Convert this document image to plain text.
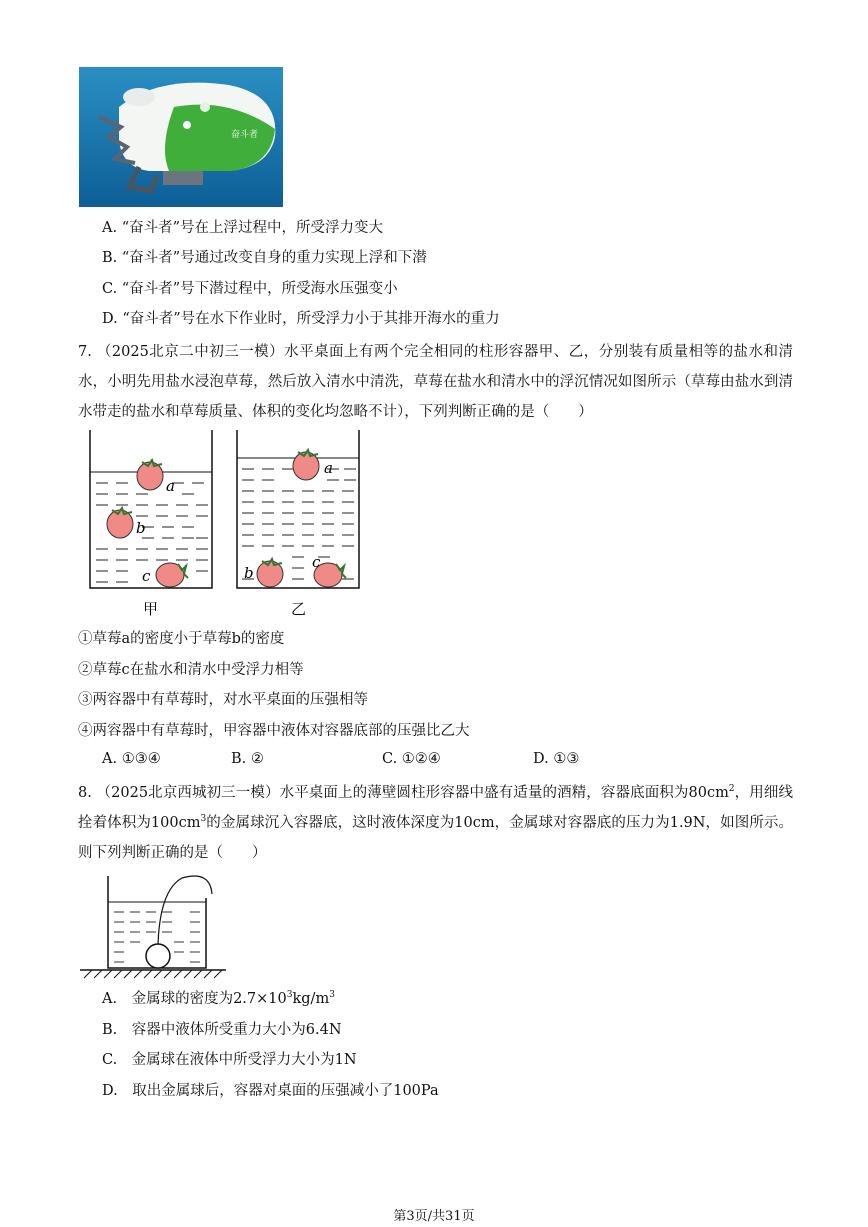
奋斗者
A. “奋斗者”号在上浮过程中，所受浮力变大
B. “奋斗者”号通过改变自身的重力实现上浮和下潜
C. “奋斗者”号下潜过程中，所受海水压强变小
D. “奋斗者”号在水下作业时，所受浮力小于其排开海水的重力
7. （2025北京二中初三一模）水平桌面上有两个完全相同的柱形容器甲、乙，分别装有质量相等的盐水和清水，小明先用盐水浸泡草莓，然后放入清水中清洗，草莓在盐水和清水中的浮沉情况如图所示（草莓由盐水到清水带走的盐水和草莓质量、体积的变化均忽略不计），下列判断正确的是（　　）
a
b
c
a
b
c
甲	乙
①草莓a的密度小于草莓b的密度
②草莓c在盐水和清水中受浮力相等
③两容器中有草莓时，对水平桌面的压强相等
④两容器中有草莓时，甲容器中液体对容器底部的压强比乙大
A. ①③④	B. ②	C. ①②④	D. ①③
8. （2025北京西城初三一模）水平桌面上的薄壁圆柱形容器中盛有适量的酒精，容器底面积为$80cm^2$，用细线拴着体积为$100cm^3$的金属球沉入容器底，这时液体深度为10cm，金属球对容器底的压力为1.9N，如图所示。则下列判断正确的是（　　）
A.　金属球的密度为$2.7\times 10^3kg/m^3$
B.　容器中液体所受重力大小为6.4N
C.　金属球在液体中所受浮力大小为1N
D.　取出金属球后，容器对桌面的压强减小了100Pa
第3页/共31页
